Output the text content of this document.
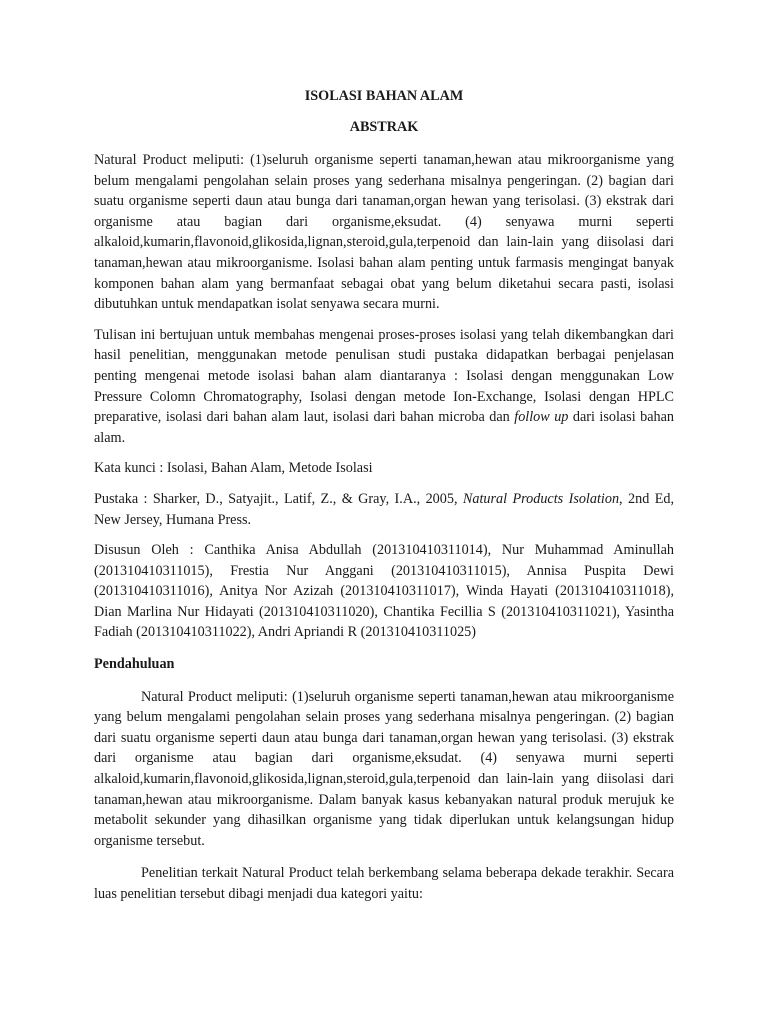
ISOLASI BAHAN ALAM

ABSTRAK

Natural Product meliputi: (1)seluruh organisme seperti tanaman,hewan atau mikroorganisme yang belum mengalami pengolahan selain proses yang sederhana misalnya pengeringan. (2) bagian dari suatu organisme seperti daun atau bunga dari tanaman,organ hewan yang terisolasi. (3) ekstrak dari organisme atau bagian dari organisme,eksudat. (4) senyawa murni seperti alkaloid,kumarin,flavonoid,glikosida,lignan,steroid,gula,terpenoid dan lain-lain yang diisolasi dari tanaman,hewan atau mikroorganisme. Isolasi bahan alam penting untuk farmasis mengingat banyak komponen bahan alam yang bermanfaat sebagai obat yang belum diketahui secara pasti, isolasi dibutuhkan untuk mendapatkan isolat senyawa secara murni.

Tulisan ini bertujuan untuk membahas mengenai proses-proses isolasi yang telah dikembangkan dari hasil penelitian, menggunakan metode penulisan studi pustaka didapatkan berbagai penjelasan penting mengenai metode isolasi bahan alam diantaranya : Isolasi dengan menggunakan Low Pressure Colomn Chromatography, Isolasi dengan metode Ion-Exchange, Isolasi dengan HPLC preparative, isolasi dari bahan alam laut, isolasi dari bahan microba dan follow up dari isolasi bahan alam.

Kata kunci : Isolasi, Bahan Alam, Metode Isolasi

Pustaka : Sharker, D., Satyajit., Latif, Z., & Gray, I.A., 2005, Natural Products Isolation, 2nd Ed, New Jersey, Humana Press.

Disusun Oleh : Canthika Anisa Abdullah (201310410311014), Nur Muhammad Aminullah (201310410311015), Frestia Nur Anggani (201310410311015), Annisa Puspita Dewi (201310410311016), Anitya Nor Azizah (201310410311017), Winda Hayati (201310410311018), Dian Marlina Nur Hidayati (201310410311020), Chantika Fecillia S (201310410311021), Yasintha Fadiah (201310410311022), Andri Apriandi R (201310410311025)

Pendahuluan

Natural Product meliputi: (1)seluruh organisme seperti tanaman,hewan atau mikroorganisme yang belum mengalami pengolahan selain proses yang sederhana misalnya pengeringan. (2) bagian dari suatu organisme seperti daun atau bunga dari tanaman,organ hewan yang terisolasi. (3) ekstrak dari organisme atau bagian dari organisme,eksudat. (4) senyawa murni seperti alkaloid,kumarin,flavonoid,glikosida,lignan,steroid,gula,terpenoid dan lain-lain yang diisolasi dari tanaman,hewan atau mikroorganisme. Dalam banyak kasus kebanyakan natural produk merujuk ke metabolit sekunder yang dihasilkan organisme yang tidak diperlukan untuk kelangsungan hidup organisme tersebut.

Penelitian terkait Natural Product telah berkembang selama beberapa dekade terakhir. Secara luas penelitian tersebut dibagi menjadi dua kategori yaitu:
